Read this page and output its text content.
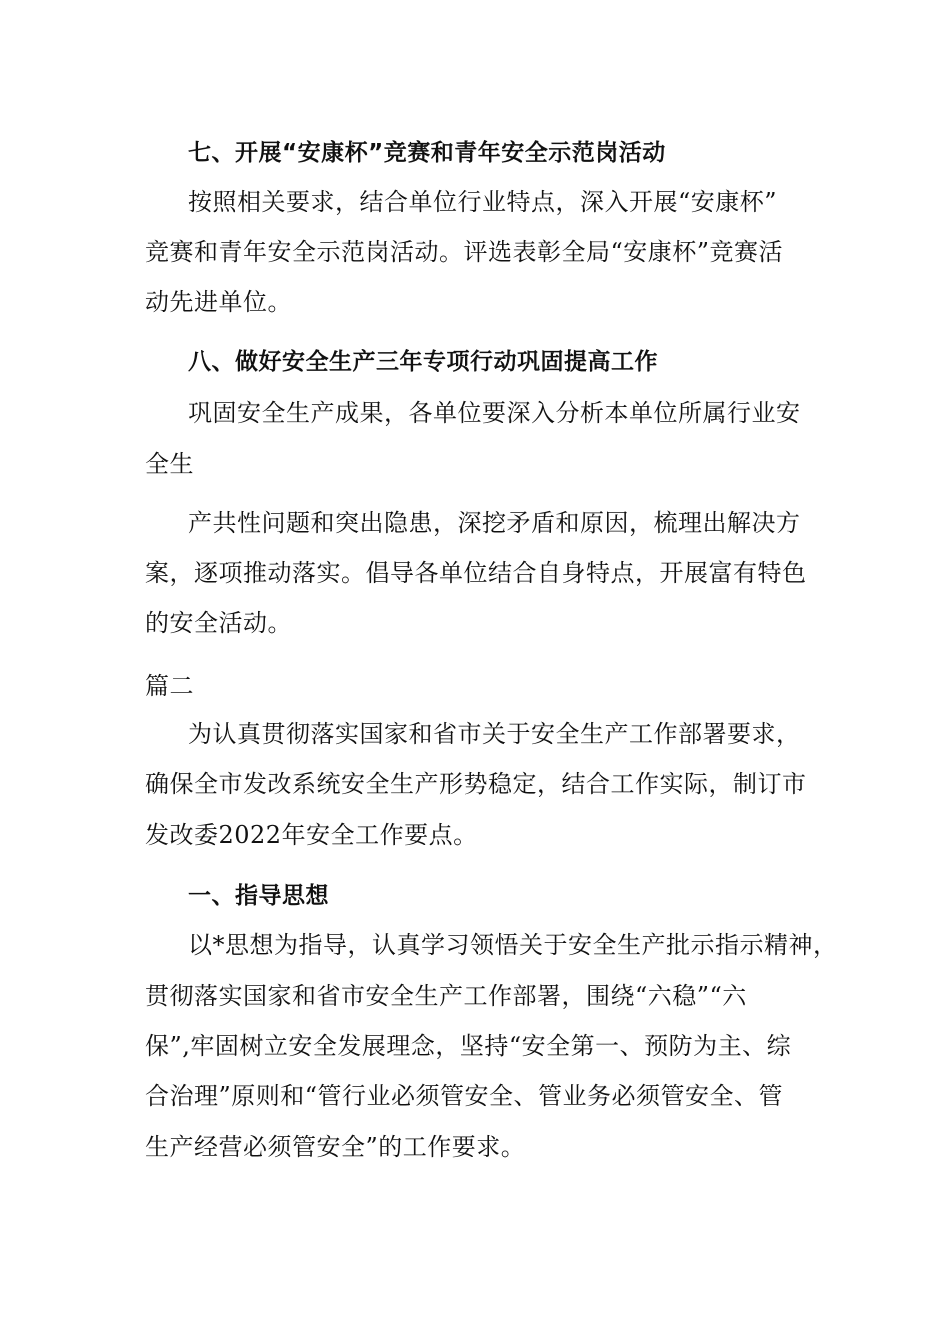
七、开展“安康杯”竞赛和青年安全示范岗活动
按照相关要求，结合单位行业特点，深入开展“安康杯”
竞赛和青年安全示范岗活动。评选表彰全局“安康杯”竞赛活
动先进单位。
八、做好安全生产三年专项行动巩固提高工作
巩固安全生产成果，各单位要深入分析本单位所属行业安
全生
产共性问题和突出隐患，深挖矛盾和原因，梳理出解决方
案，逐项推动落实。倡导各单位结合自身特点，开展富有特色
的安全活动。
篇二
为认真贯彻落实国家和省市关于安全生产工作部署要求，
确保全市发改系统安全生产形势稳定，结合工作实际，制订市
发改委2022年安全工作要点。
一、指导思想
以*思想为指导，认真学习领悟关于安全生产批示指示精神，
贯彻落实国家和省市安全生产工作部署，围绕“六稳”“六
保”,牢固树立安全发展理念，坚持“安全第一、预防为主、综
合治理”原则和“管行业必须管安全、管业务必须管安全、管
生产经营必须管安全”的工作要求。
